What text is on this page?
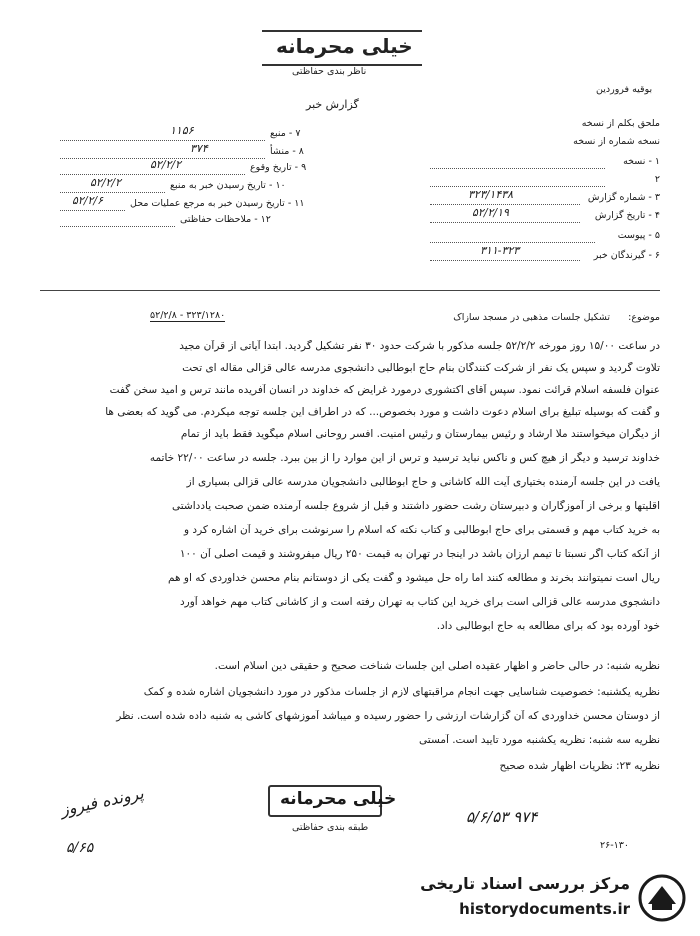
خیلی محرمانه
ناظر بندی حفاظتی
گزارش خبر
بوقیه فروردین
ملحق بکلم از نسخه
نسخه شماره از نسخه
۷ - منبع
۱۱۵۶
۸ - منشأ
۳۷۴
۹ - تاریخ وقوع
۵۲/۲/۲
۱۰ - تاریخ رسیدن خبر به منبع
۵۲/۲/۲
۱۱ - تاریخ رسیدن خبر به مرجع عملیات محل
۵۲/۲/۶
۱۲ - ملاحظات حفاظتی
۱ - نسخه
۲
۳ - شماره گزارش
۳۲۳/۱۴۳۸
۴ - تاریخ گزارش
۵۲/۲/۱۹
۵ - پیوست
۶ - گیرندگان خبر
۳۱۱-۳۲۳
موضوع:
تشکیل جلسات مذهبی در مسجد سازاک
۵۲/۲/۸ - ۳۲۳/۱۲۸۰
در ساعت ۱۵/۰۰ روز مورخه ۵۲/۲/۲ جلسه مذکور با شرکت حدود ۳۰ نفر تشکیل گردید. ابتدا آیاتی از قرآن مجید
تلاوت گردید و سپس یک نفر از شرکت کنندگان بنام حاج ابوطالبی دانشجوی مدرسه عالی قزالی مقاله ای تحت
عنوان فلسفه اسلام قرائت نمود. سپس آقای اکتشوری درمورد غرایض که خداوند در انسان آفریده مانند ترس و امید سخن گفت
و گفت که بوسیله تبلیغ برای اسلام دعوت داشت و مورد بخصوص... که در اطراف این جلسه توجه میکردم. می گوید که بعضی ها
از دیگران میخواستند ملا ارشاد و رئیس بیمارستان و رئیس امنیت. افسر روحانی اسلام میگوید فقط باید از تمام
خداوند ترسید و دیگر از هیچ کس و ناکس نباید ترسید و ترس از این موارد را از بین ببرد. جلسه در ساعت ۲۲/۰۰ خاتمه
یافت در این جلسه آرمنده بختیاری آیت الله کاشانی و حاج ابوطالبی دانشجویان مدرسه عالی قزالی بسیاری از
اقلیتها و برخی از آموزگاران و دبیرستان رشت حضور داشتند و قبل از شروع جلسه آرمنده ضمن صحبت یادداشتی
به خرید کتاب مهم و قسمتی برای حاج ابوطالبی و کتاب نکته که اسلام را سرنوشت برای خرید آن اشاره کرد و
از آنکه کتاب اگر نسبتا تا تیمم ارزان باشد در اینجا در تهران به قیمت ۲۵۰ ریال میفروشند و قیمت اصلی آن ۱۰۰
ریال است نمیتوانند بخرند و مطالعه کنند اما راه حل میشود و گفت یکی از دوستانم بنام محسن خداوردی که او هم
دانشجوی مدرسه عالی قزالی است برای خرید این کتاب به تهران رفته است و از کاشانی کتاب مهم خواهد آورد
خود آورده بود که برای مطالعه به حاج ابوطالبی داد.
نظریه شنبه: در حالی حاضر و اظهار عقیده اصلی این جلسات شناخت صحیح و حقیقی دین اسلام است.
نظریه یکشنبه: خصوصیت شناسایی جهت انجام مراقبتهای لازم از جلسات مذکور در مورد دانشجویان اشاره شده و کمک
از دوستان محسن خداوردی که آن گزارشات ارزشی را حضور رسیده و میباشد آموزشهای کاشی به شنبه داده شده است. نظر
نظریه سه شنبه: نظریه یکشنبه مورد تایید است. آمستی
نظریه ۲۳: نظریات اظهار شده صحیح
پرونده فیروز
۵/۶۵
خیلی محرمانه
طبقه بندی حفاظتی
۵/۶/۵۳ ۹۷۴
۲۶-۱۳۰
مرکز بررسی اسناد تاریخی
historydocuments.ir
